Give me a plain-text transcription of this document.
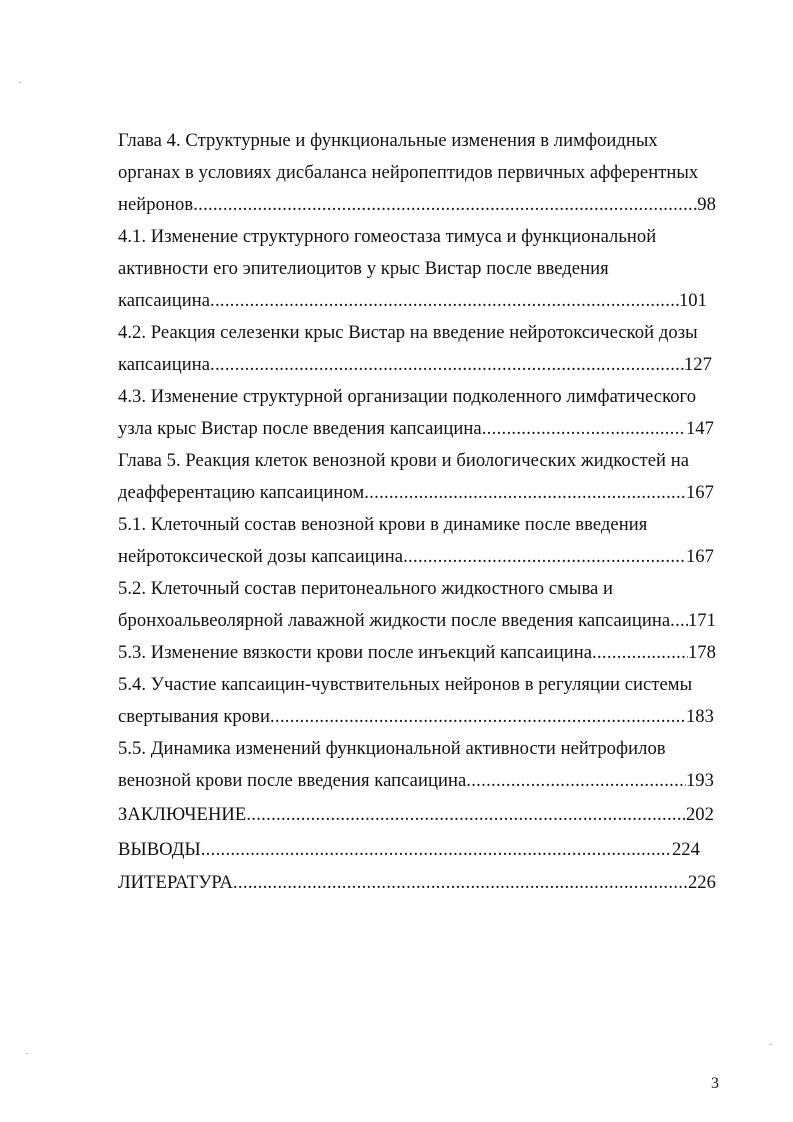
Глава 4. Структурные и функциональные изменения в лимфоидных
органах в условиях дисбаланса нейропептидов первичных афферентных
нейронов .....	98
4.1. Изменение структурного гомеостаза тимуса и функциональной
активности его эпителиоцитов у крыс Вистар после введения
капсаицина .....	101
4.2. Реакция селезенки крыс Вистар на введение нейротоксической дозы
капсаицина .....	127
4.3. Изменение структурной организации подколенного лимфатического
узла крыс Вистар после введения капсаицина .....	147
Глава 5. Реакция клеток венозной крови и биологических жидкостей на
деафферентацию капсаицином .....	167
5.1. Клеточный состав венозной крови в динамике после введения
нейротоксической дозы капсаицина .....	167
5.2. Клеточный состав перитонеального жидкостного смыва и
бронхоальвеолярной лаважной жидкости после введения капсаицина ..... 171
5.3. Изменение вязкости крови после инъекций капсаицина .....	178
5.4. Участие капсаицин-чувствительных нейронов в регуляции системы
свертывания крови .....	183
5.5. Динамика изменений функциональной активности нейтрофилов
венозной крови после введения капсаицина .....	193
ЗАКЛЮЧЕНИЕ .....	202
ВЫВОДЫ .....	224
ЛИТЕРАТУРА .....	226
3
